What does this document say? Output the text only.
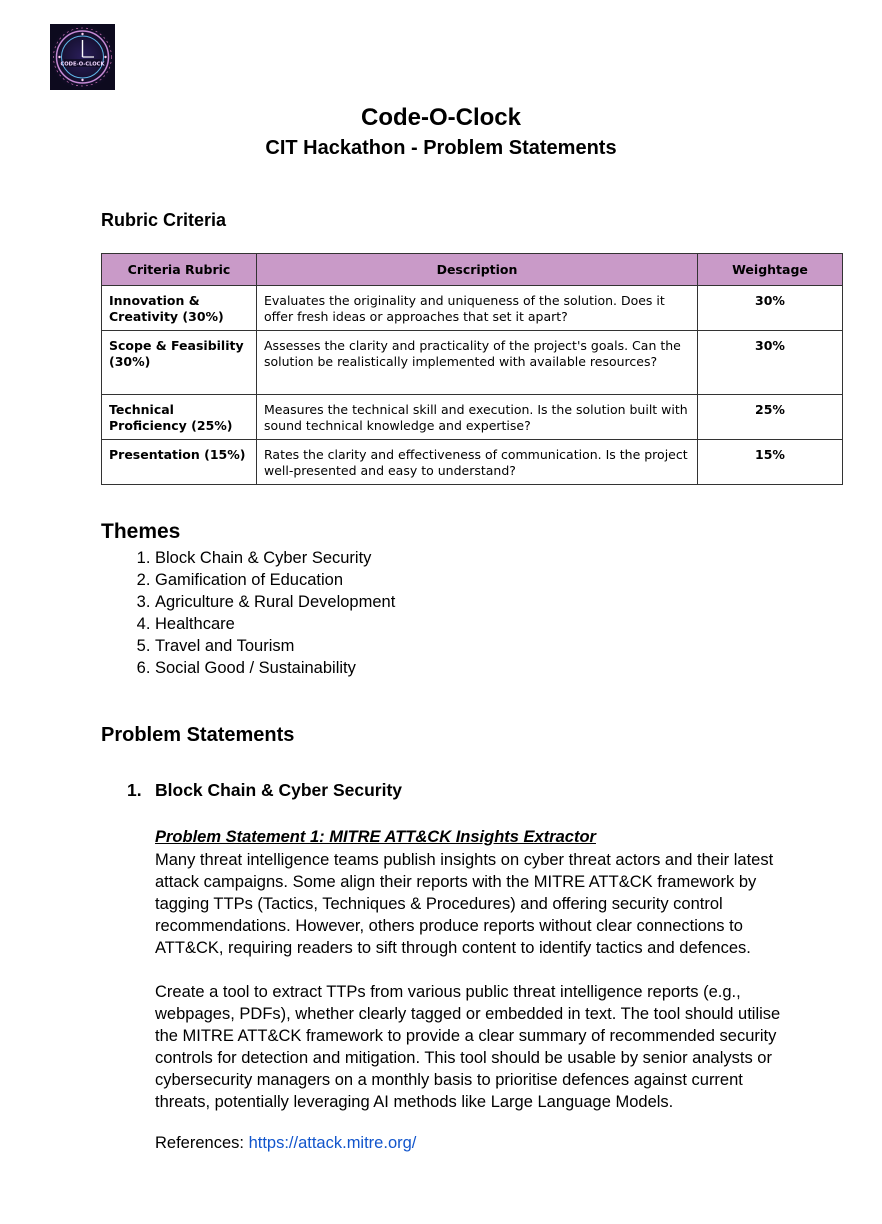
CODE-O-CLOCK
Code-O-Clock
CIT Hackathon - Problem Statements
Rubric Criteria
Criteria Rubric	Description	Weightage
Innovation & Creativity (30%)	Evaluates the originality and uniqueness of the solution. Does it offer fresh ideas or approaches that set it apart?	30%
Scope & Feasibility (30%)	Assesses the clarity and practicality of the project's goals. Can the solution be realistically implemented with available resources?	30%
Technical Proficiency (25%)	Measures the technical skill and execution. Is the solution built with sound technical knowledge and expertise?	25%
Presentation (15%)	Rates the clarity and effectiveness of communication. Is the project well-presented and easy to understand?	15%
Themes
1. Block Chain & Cyber Security
2. Gamification of Education
3. Agriculture & Rural Development
4. Healthcare
5. Travel and Tourism
6. Social Good / Sustainability
Problem Statements
1. Block Chain & Cyber Security
Problem Statement 1: MITRE ATT&CK Insights Extractor
Many threat intelligence teams publish insights on cyber threat actors and their latest attack campaigns. Some align their reports with the MITRE ATT&CK framework by tagging TTPs (Tactics, Techniques & Procedures) and offering security control recommendations. However, others produce reports without clear connections to ATT&CK, requiring readers to sift through content to identify tactics and defences.
Create a tool to extract TTPs from various public threat intelligence reports (e.g., webpages, PDFs), whether clearly tagged or embedded in text. The tool should utilise the MITRE ATT&CK framework to provide a clear summary of recommended security controls for detection and mitigation. This tool should be usable by senior analysts or cybersecurity managers on a monthly basis to prioritise defences against current threats, potentially leveraging AI methods like Large Language Models.
References: https://attack.mitre.org/
